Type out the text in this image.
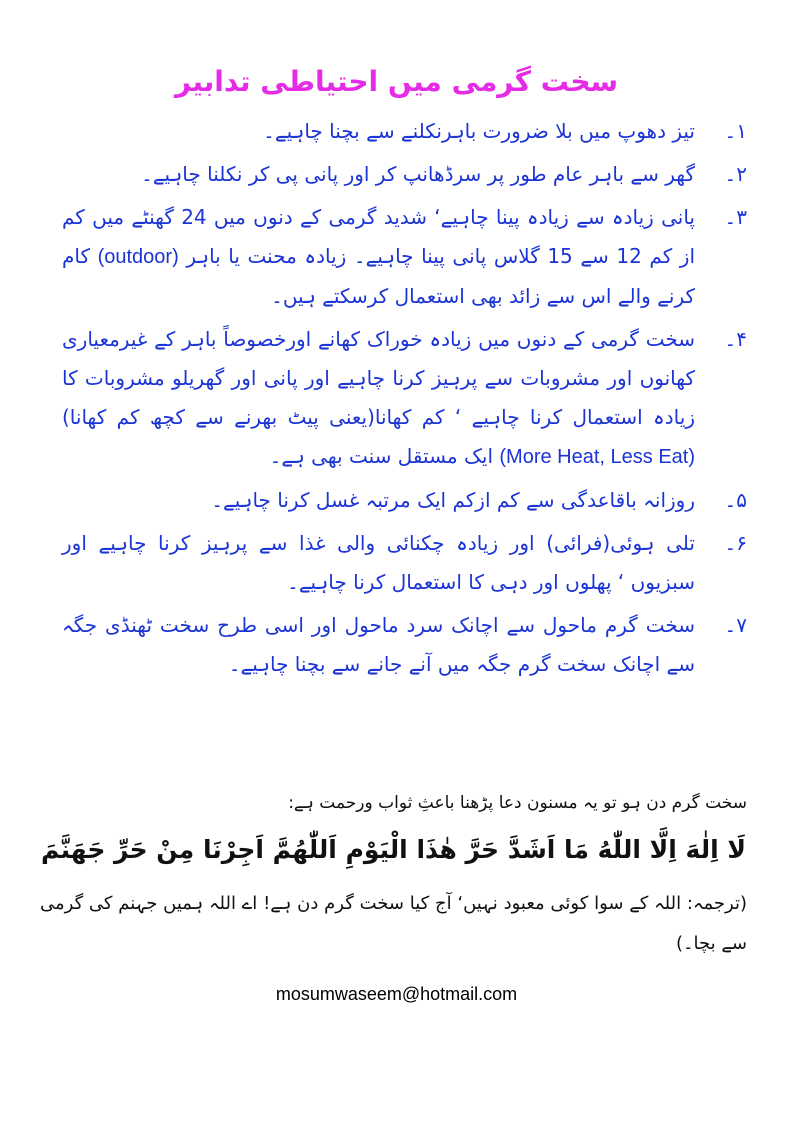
سخت گرمی میں احتیاطی تدابیر
۱۔
تیز دھوپ میں بلا ضرورت باہرنکلنے سے بچنا چاہیے۔
۲۔
گھر سے باہر عام طور پر سرڈھانپ کر اور پانی پی کر نکلنا چاہیے۔
۳۔
پانی زیادہ سے زیادہ پینا چاہیے‘ شدید گرمی کے دنوں میں 24 گھنٹے میں کم از کم 12 سے 15 گلاس پانی پینا چاہیے۔ زیادہ محنت یا باہر (outdoor) کام کرنے والے اس سے زائد بھی استعمال کرسکتے ہیں۔
۴۔
سخت گرمی کے دنوں میں زیادہ خوراک کھانے اورخصوصاً باہر کے غیرمعیاری کھانوں اور مشروبات سے پرہیز کرنا چاہیے اور پانی اور گھریلو مشروبات کا زیادہ استعمال کرنا چاہیے ‘ کم کھانا(یعنی پیٹ بھرنے سے کچھ کم کھانا) (More Heat, Less Eat) ایک مستقل سنت بھی ہے۔
۵۔
روزانہ باقاعدگی سے کم ازکم ایک مرتبہ غسل کرنا چاہیے۔
۶۔
تلی ہوئی(فرائی) اور زیادہ چکنائی والی غذا سے پرہیز کرنا چاہیے اور سبزیوں ‘ پھلوں اور دہی کا استعمال کرنا چاہیے۔
۷۔
سخت گرم ماحول سے اچانک سرد ماحول اور اسی طرح سخت ٹھنڈی جگہ سے اچانک سخت گرم جگہ میں آنے جانے سے بچنا چاہیے۔
سخت گرم دن ہو تو یہ مسنون دعا پڑھنا باعثِ ثواب ورحمت ہے:
لَا اِلٰهَ اِلَّا اللّٰهُ مَا اَشَدَّ حَرَّ هٰذَا الْيَوْمِ اَللّٰهُمَّ اَجِرْنَا مِنْ حَرِّ جَهَنَّمَ
(ترجمہ: اللہ کے سوا کوئی معبود نہیں‘ آج کیا سخت گرم دن ہے! اے اللہ ہمیں جہنم کی گرمی سے بچا۔)
mosumwaseem@hotmail.com
